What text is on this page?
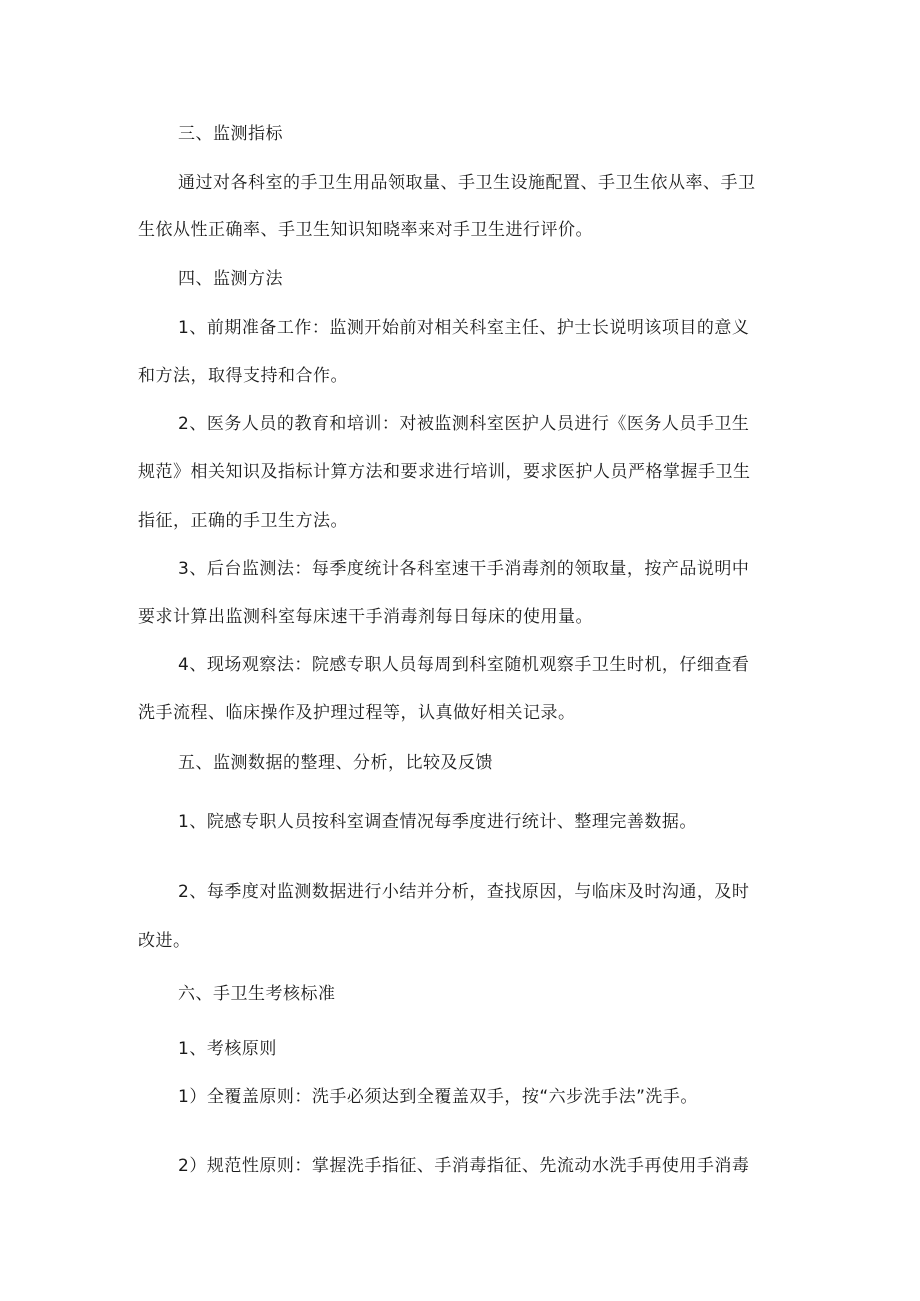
三、监测指标

通过对各科室的手卫生用品领取量、手卫生设施配置、手卫生依从率、手卫

生依从性正确率、手卫生知识知晓率来对手卫生进行评价。

四、监测方法

1、前期准备工作：监测开始前对相关科室主任、护士长说明该项目的意义

和方法，取得支持和合作。

2、医务人员的教育和培训：对被监测科室医护人员进行《医务人员手卫生

规范》相关知识及指标计算方法和要求进行培训，要求医护人员严格掌握手卫生

指征，正确的手卫生方法。

3、后台监测法：每季度统计各科室速干手消毒剂的领取量，按产品说明中

要求计算出监测科室每床速干手消毒剂每日每床的使用量。

4、现场观察法：院感专职人员每周到科室随机观察手卫生时机，仔细查看

洗手流程、临床操作及护理过程等，认真做好相关记录。

五、监测数据的整理、分析，比较及反馈

1、院感专职人员按科室调查情况每季度进行统计、整理完善数据。

2、每季度对监测数据进行小结并分析，查找原因，与临床及时沟通，及时

改进。

六、手卫生考核标准

1、考核原则

1）全覆盖原则：洗手必须达到全覆盖双手，按“六步洗手法”洗手。

2）规范性原则：掌握洗手指征、手消毒指征、先流动水洗手再使用手消毒
